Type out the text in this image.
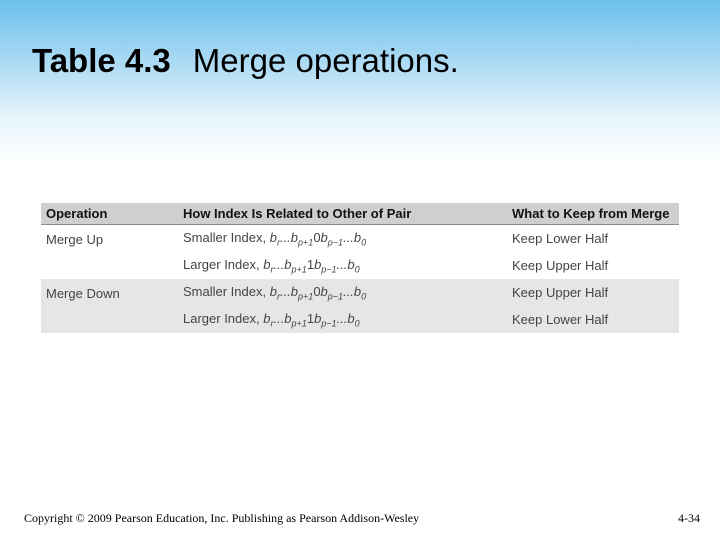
Table 4.3 Merge operations.
Operation	How Index Is Related to Other of Pair	What to Keep from Merge
Merge Up	Smaller Index, $b_r...b_{p+1}0b_{p-1}...b_0$	Keep Lower Half
	Larger Index, $b_r...b_{p+1}1b_{p-1}...b_0$	Keep Upper Half
Merge Down	Smaller Index, $b_r...b_{p+1}0b_{p-1}...b_0$	Keep Upper Half
	Larger Index, $b_r...b_{p+1}1b_{p-1}...b_0$	Keep Lower Half
Copyright © 2009 Pearson Education, Inc. Publishing as Pearson Addison-Wesley	4-34
